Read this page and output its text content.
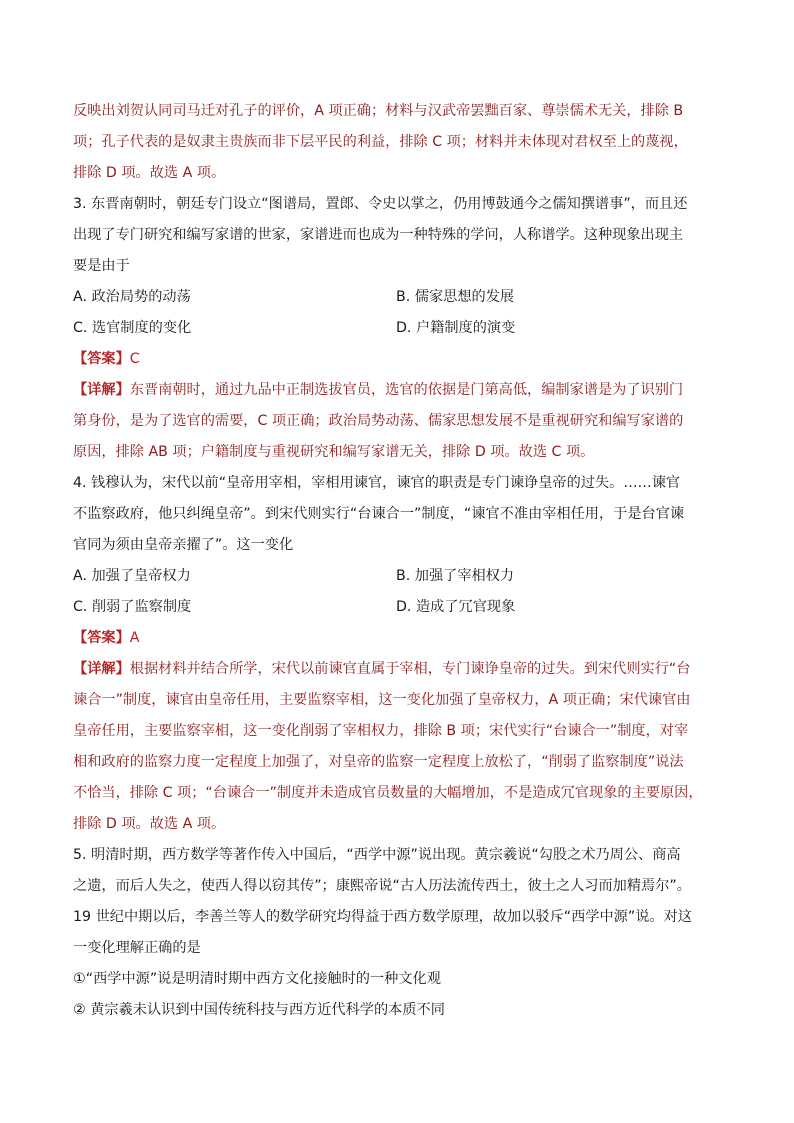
反映出刘贺认同司马迁对孔子的评价，A 项正确；材料与汉武帝罢黜百家、尊崇儒术无关，排除 B
项；孔子代表的是奴隶主贵族而非下层平民的利益，排除 C 项；材料并未体现对君权至上的蔑视，
排除 D 项。故选 A 项。
3. 东晋南朝时，朝廷专门设立“图谱局，置郎、令史以掌之，仍用博鼓通今之儒知撰谱事”，而且还
出现了专门研究和编写家谱的世家，家谱进而也成为一种特殊的学问，人称谱学。这种现象出现主
要是由于
A. 政治局势的动荡	B. 儒家思想的发展
C. 选官制度的变化	D. 户籍制度的演变
【答案】C
【详解】东晋南朝时，通过九品中正制选拔官员，选官的依据是门第高低，编制家谱是为了识别门
第身份，是为了选官的需要，C 项正确；政治局势动荡、儒家思想发展不是重视研究和编写家谱的
原因，排除 AB 项；户籍制度与重视研究和编写家谱无关，排除 D 项。故选 C 项。
4. 钱穆认为，宋代以前“皇帝用宰相，宰相用谏官，谏官的职责是专门谏诤皇帝的过失。……谏官
不监察政府，他只纠绳皇帝”。到宋代则实行“台谏合一”制度，“谏官不准由宰相任用，于是台官谏
官同为须由皇帝亲擢了”。这一变化
A. 加强了皇帝权力	B. 加强了宰相权力
C. 削弱了监察制度	D. 造成了冗官现象
【答案】A
【详解】根据材料并结合所学，宋代以前谏官直属于宰相，专门谏诤皇帝的过失。到宋代则实行“台
谏合一”制度，谏官由皇帝任用，主要监察宰相，这一变化加强了皇帝权力，A 项正确；宋代谏官由
皇帝任用，主要监察宰相，这一变化削弱了宰相权力，排除 B 项；宋代实行“台谏合一”制度，对宰
相和政府的监察力度一定程度上加强了，对皇帝的监察一定程度上放松了，“削弱了监察制度”说法
不恰当，排除 C 项；“台谏合一”制度并未造成官员数量的大幅增加，不是造成冗官现象的主要原因，
排除 D 项。故选 A 项。
5. 明清时期，西方数学等著作传入中国后，“西学中源”说出现。黄宗羲说“勾股之术乃周公、商高
之遗，而后人失之，使西人得以窃其传”；康熙帝说“古人历法流传西土，彼土之人习而加精焉尔”。
19 世纪中期以后，李善兰等人的数学研究均得益于西方数学原理，故加以驳斥“西学中源”说。对这
一变化理解正确的是
①“西学中源”说是明清时期中西方文化接触时的一种文化观
② 黄宗羲未认识到中国传统科技与西方近代科学的本质不同
